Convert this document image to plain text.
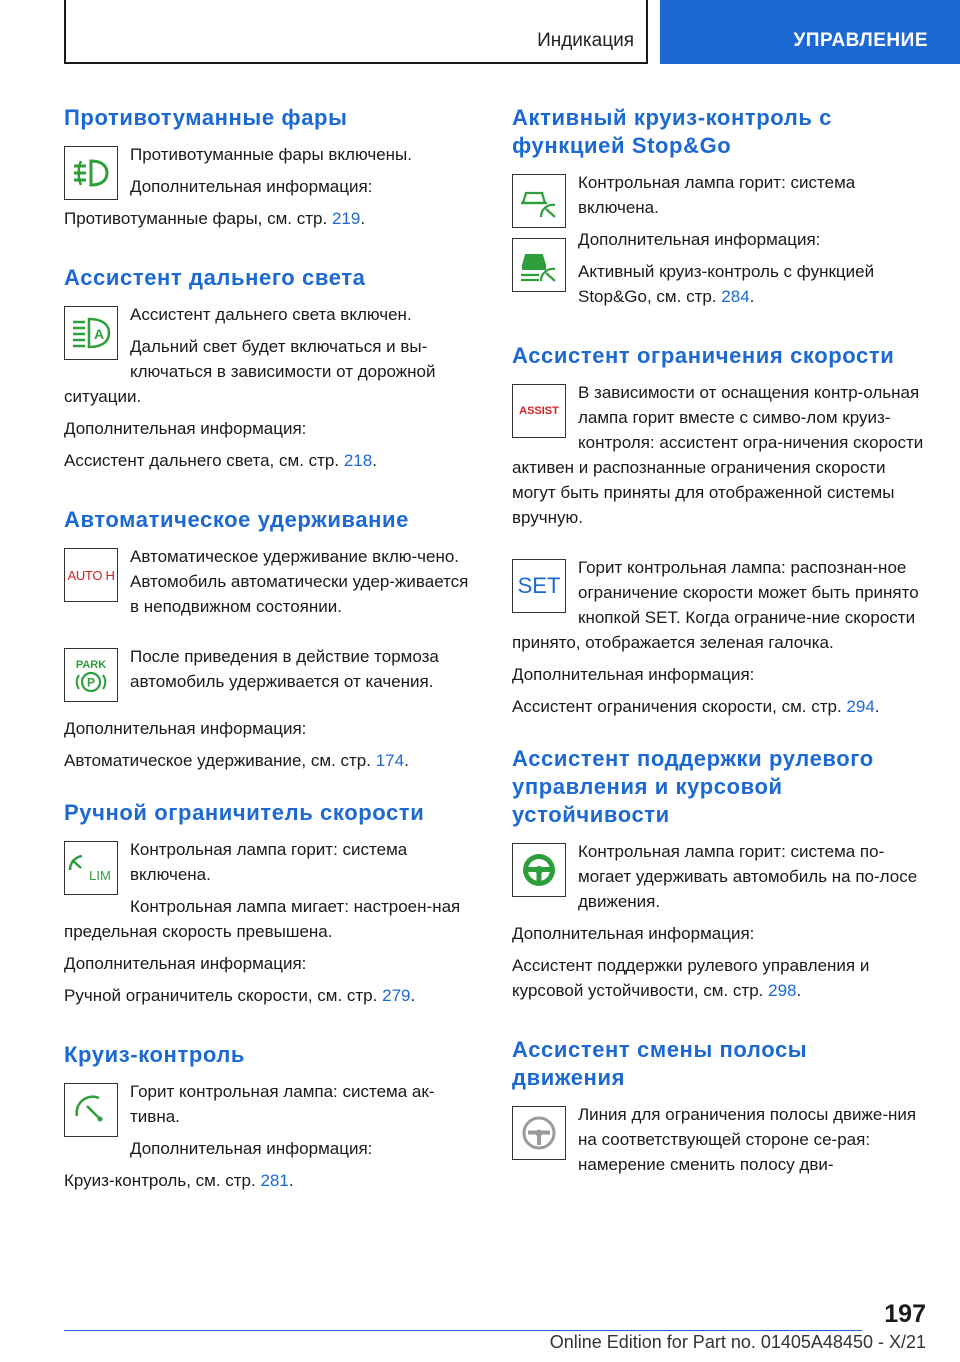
Индикация	УПРАВЛЕНИЕ
Противотуманные фары

Противотуманные фары включены.

Дополнительная информация:

Противотуманные фары, см. стр. 219.

Ассистент дальнего света
A

Ассистент дальнего света включен.

Дальний свет будет включаться и вы-ключаться в зависимости от дорожной ситуации.

Дополнительная информация:

Ассистент дальнего света, см. стр. 218.

Автоматическое удерживание
AUTO H

Автоматическое удерживание вклю-чено. Автомобиль автоматически удер-живается в неподвижном состоянии.

PARK
P

После приведения в действие тормоза автомобиль удерживается от качения.

Дополнительная информация:

Автоматическое удерживание, см. стр. 174.

Ручной ограничитель скорости
LIM

Контрольная лампа горит: система включена.

Контрольная лампа мигает: настроен-ная предельная скорость превышена.

Дополнительная информация:

Ручной ограничитель скорости, см. стр. 279.

Круиз-контроль

Горит контрольная лампа: система ак-тивна.

Дополнительная информация:

Круиз-контроль, см. стр. 281.

Активный круиз-контроль с функцией Stop&Go

Контрольная лампа горит: система включена.

Дополнительная информация:

Активный круиз-контроль с функцией Stop&Go, см. стр. 284.

Ассистент ограничения скорости
ASSIST

В зависимости от оснащения контр-ольная лампа горит вместе с симво-лом круиз-контроля: ассистент огра-ничения скорости активен и распознанные ограничения скорости могут быть приняты для отображенной системы вручную.

SET

Горит контрольная лампа: распознан-ное ограничение скорости может быть принято кнопкой SET. Когда ограниче-ние скорости принято, отображается зеленая галочка.

Дополнительная информация:

Ассистент ограничения скорости, см. стр. 294.

Ассистент поддержки рулевого управления и курсовой устойчивости

Контрольная лампа горит: система по-могает удерживать автомобиль на по-лосе движения.

Дополнительная информация:

Ассистент поддержки рулевого управления и курсовой устойчивости, см. стр. 298.

Ассистент смены полосы движения

Линия для ограничения полосы движе-ния на соответствующей стороне се-рая: намерение сменить полосу дви-

197
Online Edition for Part no. 01405A48450 - X/21
